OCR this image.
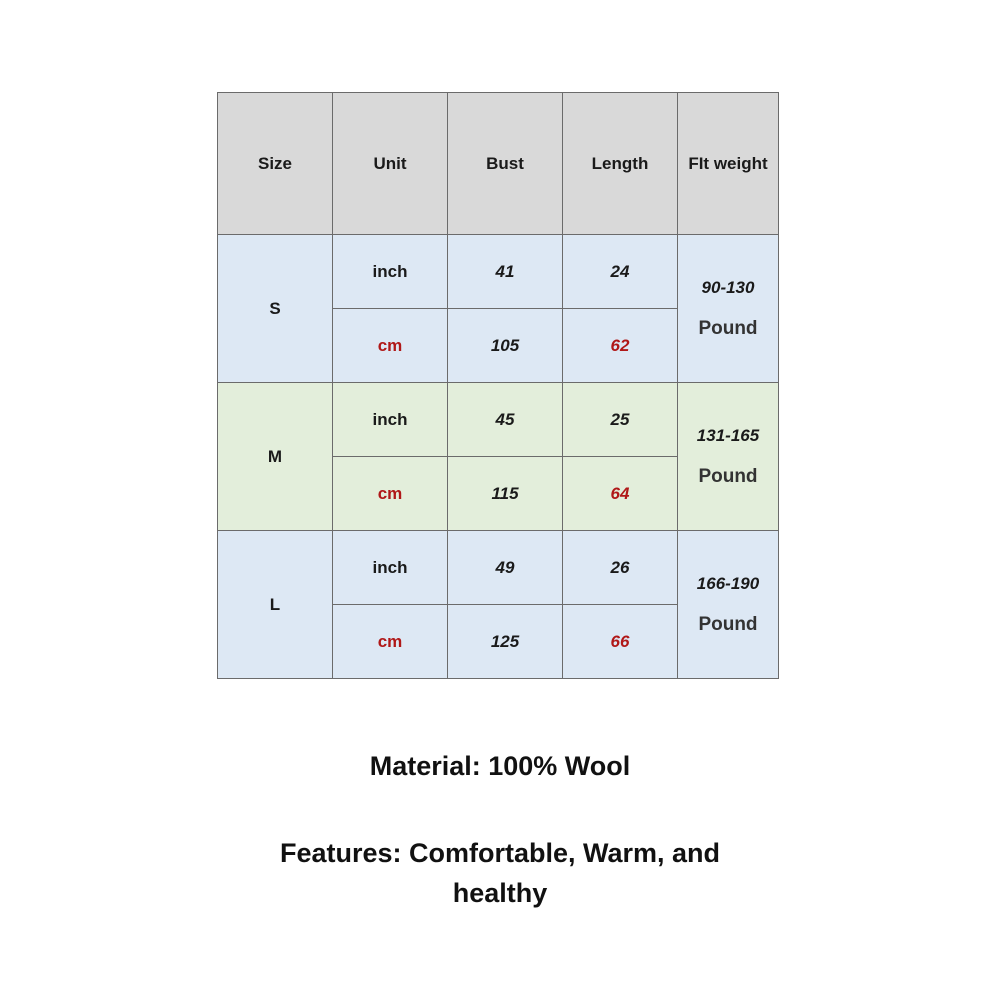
Size	Unit	Bust	Length	FIt weight
S	inch	41	24	90-130
Pound

	cm	105	62	
M	inch	45	25	131-165
Pound

	cm	115	64	
L	inch	49	26	166-190
Pound

	cm	125	66	
Material: 100% Wool
Features: Comfortable, Warm, and healthy
